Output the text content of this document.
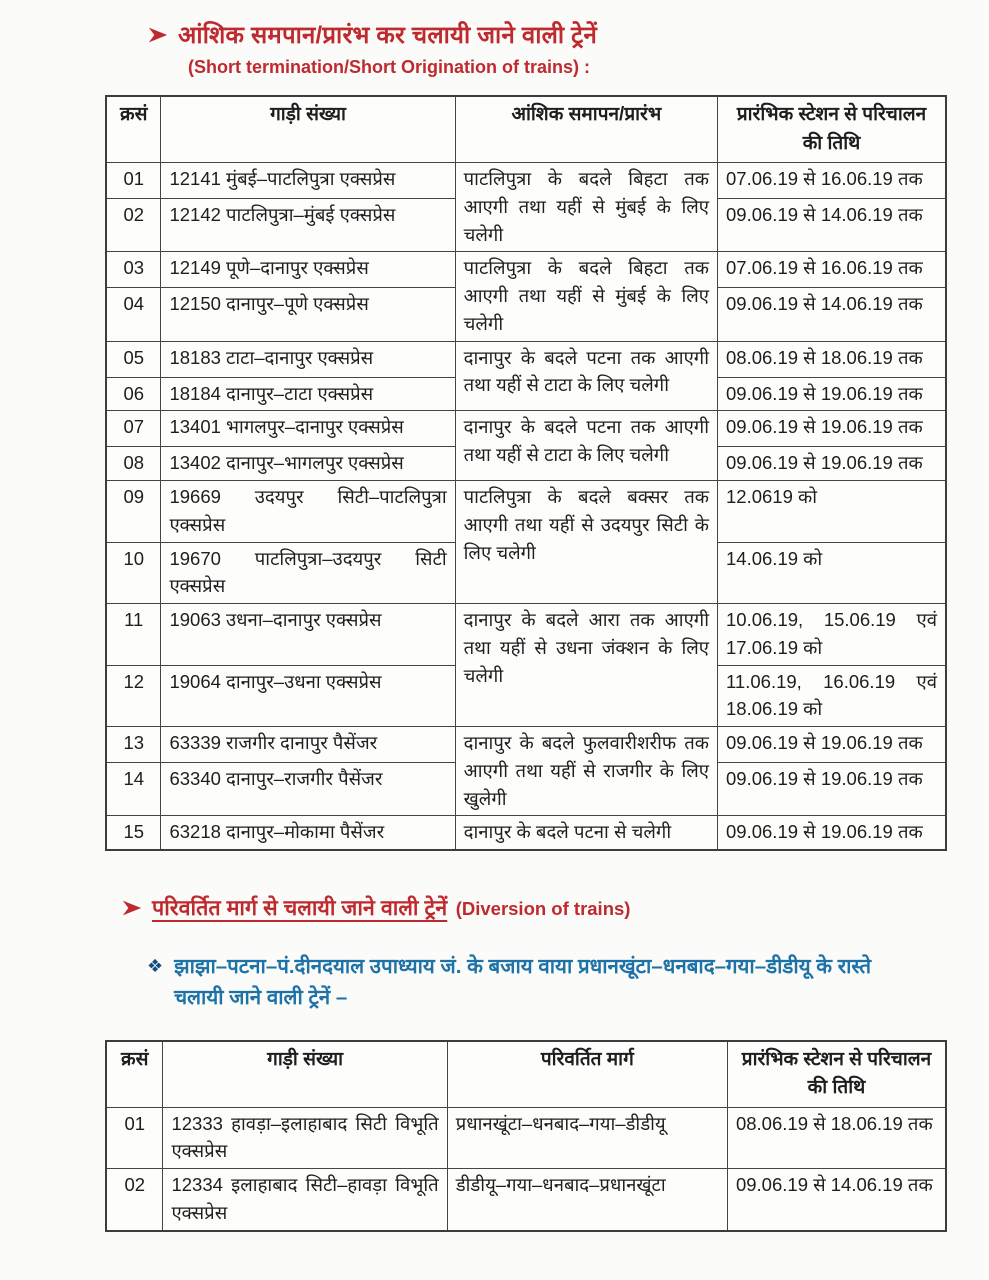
आंशिक समपान/प्रारंभ कर चलायी जाने वाली ट्रेनें
(Short termination/Short Origination of trains) :
क्रसं	गाड़ी संख्या	आंशिक समापन/प्रारंभ	प्रारंभिक स्टेशन से परिचालन की तिथि
01	12141 मुंबई–पाटलिपुत्रा एक्सप्रेस	पाटलिपुत्रा के बदले बिहटा तक आएगी तथा यहीं से मुंबई के लिए चलेगी	07.06.19 से 16.06.19 तक
02	12142 पाटलिपुत्रा–मुंबई एक्सप्रेस		09.06.19 से 14.06.19 तक
03	12149 पूणे–दानापुर एक्सप्रेस	पाटलिपुत्रा के बदले बिहटा तक आएगी तथा यहीं से मुंबई के लिए चलेगी	07.06.19 से 16.06.19 तक
04	12150 दानापुर–पूणे एक्सप्रेस		09.06.19 से 14.06.19 तक
05	18183 टाटा–दानापुर एक्सप्रेस	दानापुर के बदले पटना तक आएगी तथा यहीं से टाटा के लिए चलेगी	08.06.19 से 18.06.19 तक
06	18184 दानापुर–टाटा एक्सप्रेस		09.06.19 से 19.06.19 तक
07	13401 भागलपुर–दानापुर एक्सप्रेस	दानापुर के बदले पटना तक आएगी तथा यहीं से टाटा के लिए चलेगी	09.06.19 से 19.06.19 तक
08	13402 दानापुर–भागलपुर एक्सप्रेस		09.06.19 से 19.06.19 तक
09	19669 उदयपुर सिटी–पाटलिपुत्रा एक्सप्रेस	पाटलिपुत्रा के बदले बक्सर तक आएगी तथा यहीं से उदयपुर सिटी के लिए चलेगी	12.0619 को
10	19670 पाटलिपुत्रा–उदयपुर सिटी एक्सप्रेस		14.06.19 को
11	19063 उधना–दानापुर एक्सप्रेस	दानापुर के बदले आरा तक आएगी तथा यहीं से उधना जंक्शन के लिए चलेगी	10.06.19, 15.06.19 एवं 17.06.19 को
12	19064 दानापुर–उधना एक्सप्रेस		11.06.19, 16.06.19 एवं 18.06.19 को
13	63339 राजगीर दानापुर पैसेंजर	दानापुर के बदले फुलवारीशरीफ तक आएगी तथा यहीं से राजगीर के लिए खुलेगी	09.06.19 से 19.06.19 तक
14	63340 दानापुर–राजगीर पैसेंजर		09.06.19 से 19.06.19 तक
15	63218 दानापुर–मोकामा पैसेंजर	दानापुर के बदले पटना से चलेगी	09.06.19 से 19.06.19 तक
परिवर्तित मार्ग से चलायी जाने वाली ट्रेनें (Diversion of trains)
❖ झाझा–पटना–पं.दीनदयाल उपाध्याय जं. के बजाय वाया प्रधानखूंटा–धनबाद–गया–डीडीयू के रास्ते चलायी जाने वाली ट्रेनें –
क्रसं	गाड़ी संख्या	परिवर्तित मार्ग	प्रारंभिक स्टेशन से परिचालन की तिथि
01	12333 हावड़ा–इलाहाबाद सिटी विभूति एक्सप्रेस	प्रधानखूंटा–धनबाद–गया–डीडीयू	08.06.19 से 18.06.19 तक
02	12334 इलाहाबाद सिटी–हावड़ा विभूति एक्सप्रेस	डीडीयू–गया–धनबाद–प्रधानखूंटा	09.06.19 से 14.06.19 तक
